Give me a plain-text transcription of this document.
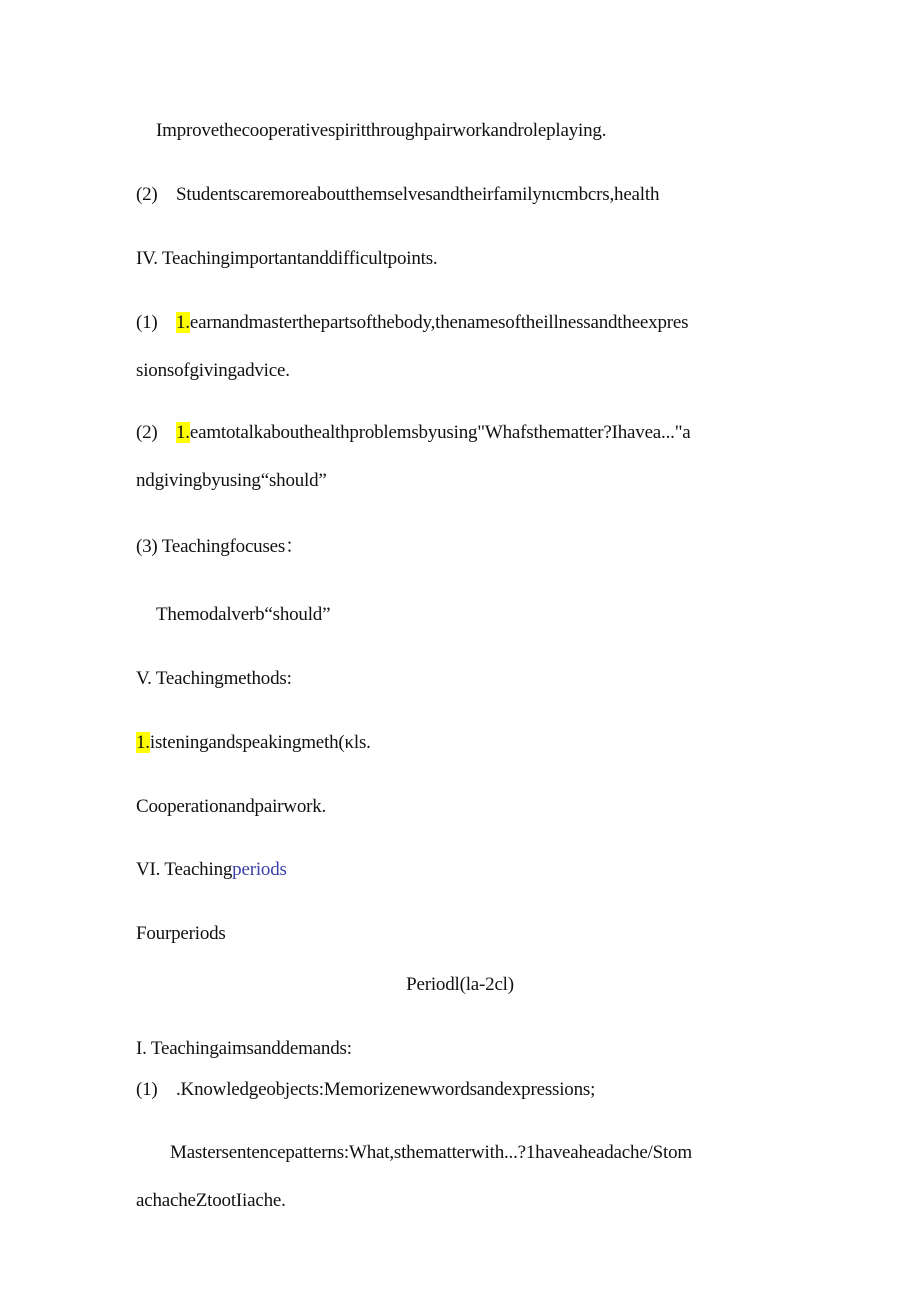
Improvethecooperativespiritthroughpairworkandroleplaying.
(2) Studentscaremoreaboutthemselvesandtheirfamilynιcmbcrs,health
IV. Teachingimportantanddifficultpoints.
(1) 1.earnandmasterthepartsofthebody,thenamesoftheillnessandtheexpres
sionsofgivingadvice.
(2) 1.eamtotalkabouthealthproblemsbyusing"Whafsthematter?Ihavea..."a
ndgivingbyusing“should”
(3) Teachingfocuses：
Themodalverb“should”
V. Teachingmethods:
1.isteningandspeakingmeth(κls.
Cooperationandpairwork.
VI. Teachingperiods
Fourperiods
Periodl(la-2cl)
I. Teachingaimsanddemands:
(1) .Knowledgeobjects:Memorizenewwordsandexpressions;
Mastersentencepatterns:What,sthematterwith...?1haveaheadache/Stom
achacheZtootIiache.
